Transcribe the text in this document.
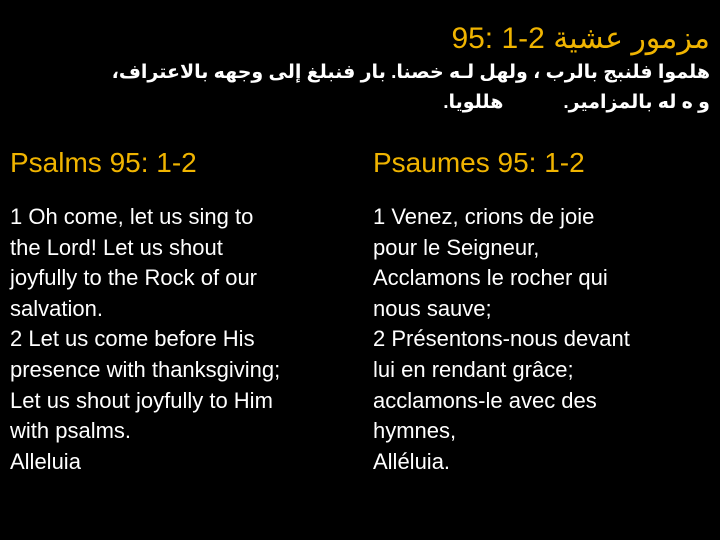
مزمور عشية 95: 1-2
هلموا فلنبج بالرب ، ولهل لـه خصنا. بار فنبلغ إلى وجهه بالاعتراف،
و ه له بالمزامير.هللويا.
Psalms 95: 1-2
1 Oh come, let us sing to
the Lord! Let us shout
joyfully to the Rock of our
salvation.
2 Let us come before His
presence with thanksgiving;
Let us shout joyfully to Him
with psalms.
Alleluia
Psaumes 95: 1-2
1 Venez, crions de joie
pour le Seigneur,
Acclamons le rocher qui
nous sauve;
2 Présentons-nous devant
lui en rendant grâce;
acclamons-le avec des
hymnes,
Alléluia.
